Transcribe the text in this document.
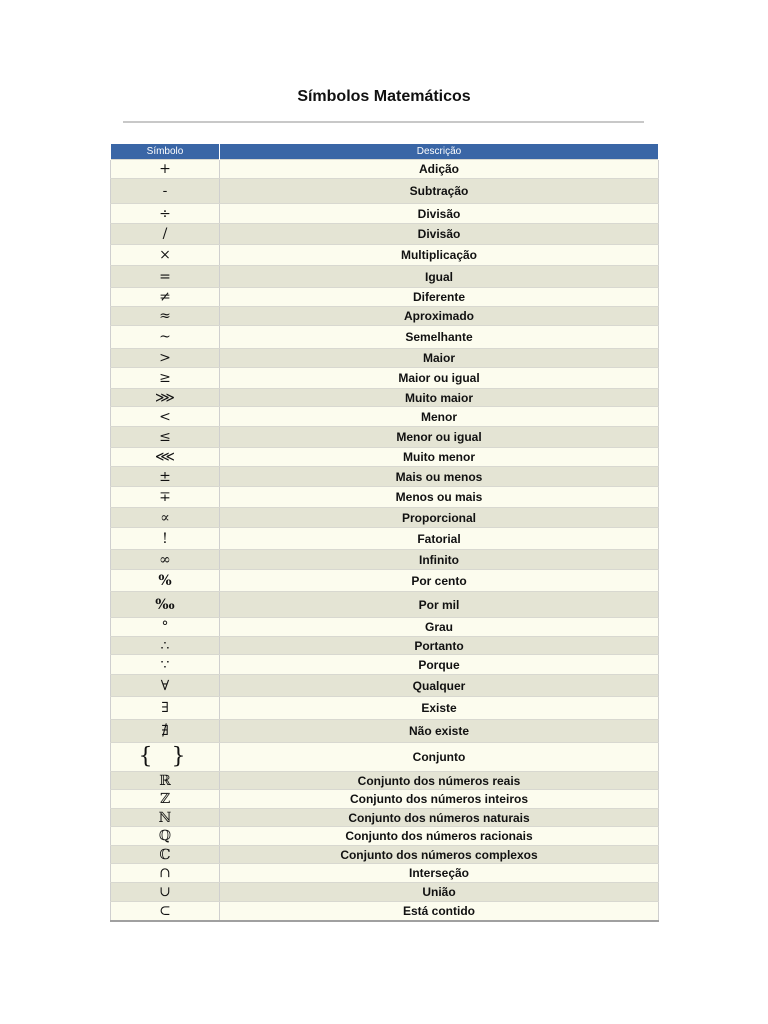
Símbolos Matemáticos
Símbolo	Descrição
+	Adição
-	Subtração
÷	Divisão
/	Divisão
×	Multiplicação
=	Igual
≠	Diferente
≈	Aproximado
~	Semelhante
>	Maior
≥	Maior ou igual
⋙	Muito maior
<	Menor
≤	Menor ou igual
⋘	Muito menor
±	Mais ou menos
∓	Menos ou mais
∝	Proporcional
!	Fatorial
∞	Infinito
%	Por cento
‰	Por mil
°	Grau
∴	Portanto
∵	Porque
∀	Qualquer
∃	Existe
∄	Não existe
{ }	Conjunto
ℝ	Conjunto dos números reais
ℤ	Conjunto dos números inteiros
ℕ	Conjunto dos números naturais
ℚ	Conjunto dos números racionais
ℂ	Conjunto dos números complexos
∩	Interseção
∪	União
⊂	Está contido
